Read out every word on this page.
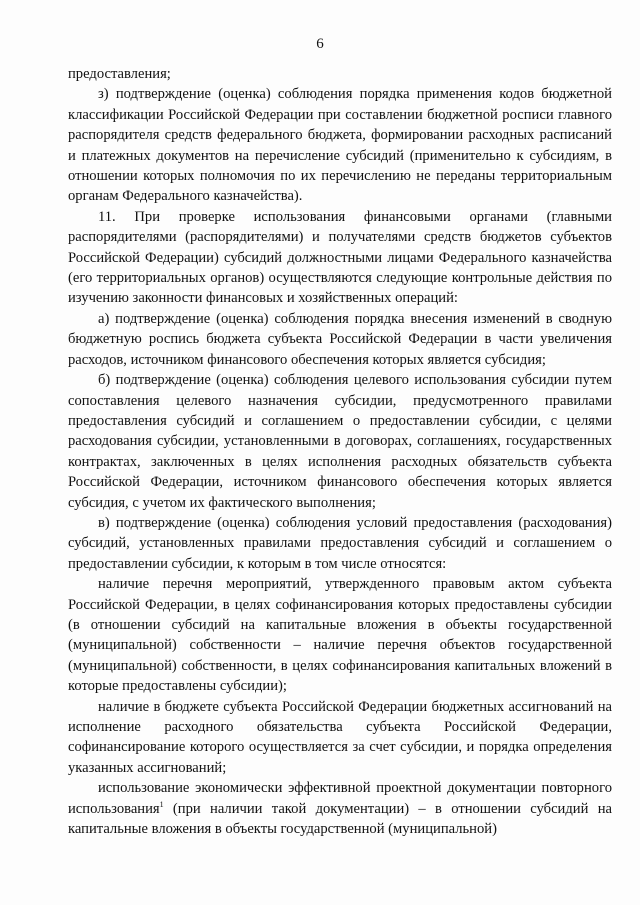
6

предоставления;

з) подтверждение (оценка) соблюдения порядка применения кодов бюджетной классификации Российской Федерации при составлении бюджетной росписи главного распорядителя средств федерального бюджета, формировании расходных расписаний и платежных документов на перечисление субсидий (применительно к субсидиям, в отношении которых полномочия по их перечислению не переданы территориальным органам Федерального казначейства).

11. При проверке использования финансовыми органами (главными распорядителями (распорядителями) и получателями средств бюджетов субъектов Российской Федерации) субсидий должностными лицами Федерального казначейства (его территориальных органов) осуществляются следующие контрольные действия по изучению законности финансовых и хозяйственных операций:

а) подтверждение (оценка) соблюдения порядка внесения изменений в сводную бюджетную роспись бюджета субъекта Российской Федерации в части увеличения расходов, источником финансового обеспечения которых является субсидия;

б) подтверждение (оценка) соблюдения целевого использования субсидии путем сопоставления целевого назначения субсидии, предусмотренного правилами предоставления субсидий и соглашением о предоставлении субсидии, с целями расходования субсидии, установленными в договорах, соглашениях, государственных контрактах, заключенных в целях исполнения расходных обязательств субъекта Российской Федерации, источником финансового обеспечения которых является субсидия, с учетом их фактического выполнения;

в) подтверждение (оценка) соблюдения условий предоставления (расходования) субсидий, установленных правилами предоставления субсидий и соглашением о предоставлении субсидии, к которым в том числе относятся:

наличие перечня мероприятий, утвержденного правовым актом субъекта Российской Федерации, в целях софинансирования которых предоставлены субсидии (в отношении субсидий на капитальные вложения в объекты государственной (муниципальной) собственности – наличие перечня объектов государственной (муниципальной) собственности, в целях софинансирования капитальных вложений в которые предоставлены субсидии);

наличие в бюджете субъекта Российской Федерации бюджетных ассигнований на исполнение расходного обязательства субъекта Российской Федерации, софинансирование которого осуществляется за счет субсидии, и порядка определения указанных ассигнований;

использование экономически эффективной проектной документации повторного использования$^1$ (при наличии такой документации) – в отношении субсидий на капитальные вложения в объекты государственной (муниципальной)
